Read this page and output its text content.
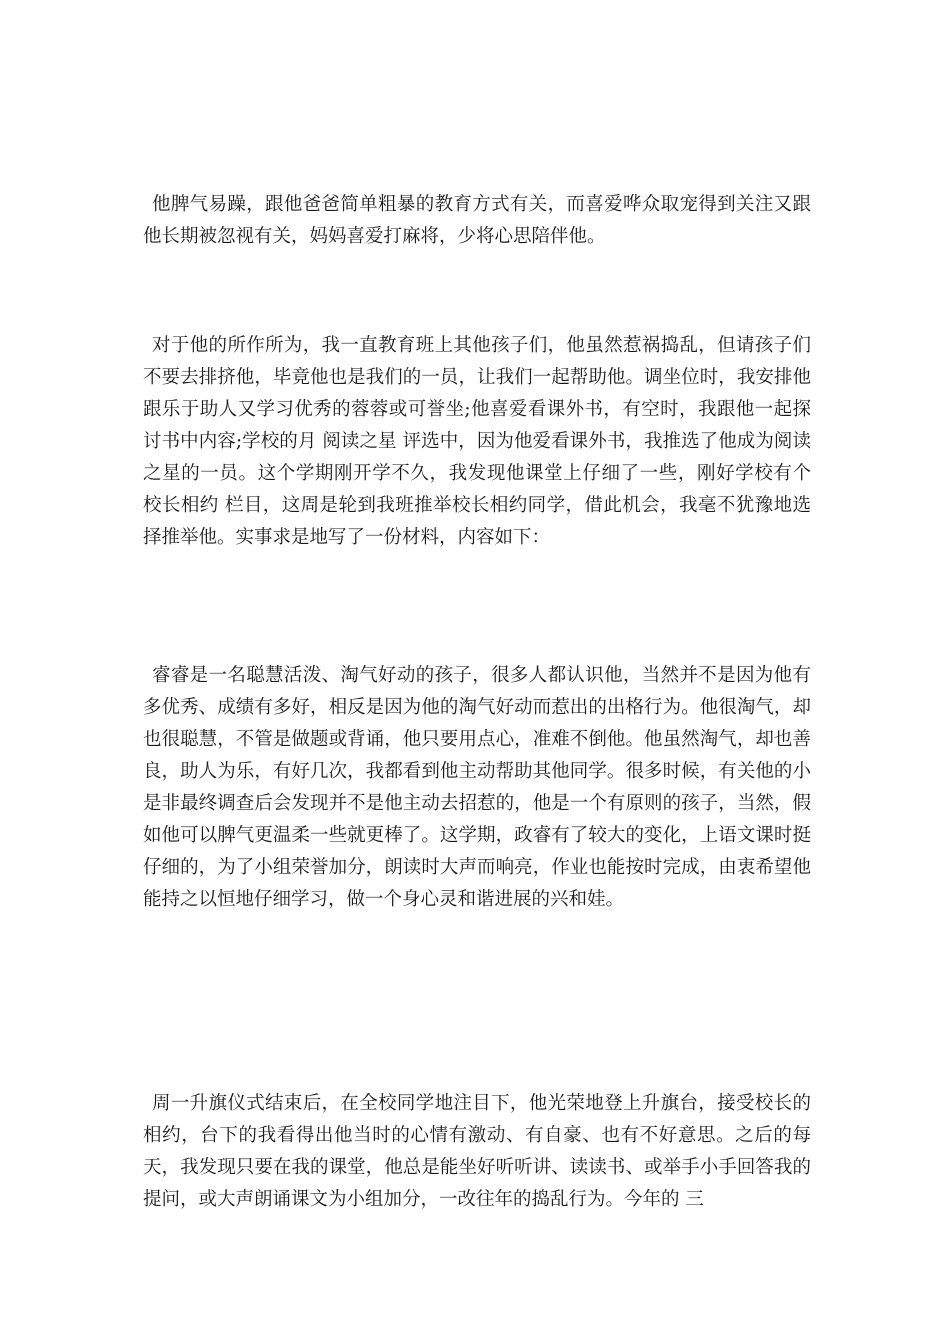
他脾气易躁，跟他爸爸简单粗暴的教育方式有关，而喜爱哗众取宠得到关注又跟他长期被忽视有关，妈妈喜爱打麻将，少将心思陪伴他。

对于他的所作所为，我一直教育班上其他孩子们，他虽然惹祸捣乱，但请孩子们不要去排挤他，毕竟他也是我们的一员，让我们一起帮助他。调坐位时，我安排他跟乐于助人又学习优秀的蓉蓉或可誉坐;他喜爱看课外书，有空时，我跟他一起探讨书中内容;学校的月 阅读之星 评选中，因为他爱看课外书，我推选了他成为阅读之星的一员。这个学期刚开学不久，我发现他课堂上仔细了一些，刚好学校有个 校长相约 栏目，这周是轮到我班推举校长相约同学，借此机会，我毫不犹豫地选择推举他。实事求是地写了一份材料，内容如下：

睿睿是一名聪慧活泼、淘气好动的孩子，很多人都认识他，当然并不是因为他有多优秀、成绩有多好，相反是因为他的淘气好动而惹出的出格行为。他很淘气，却也很聪慧，不管是做题或背诵，他只要用点心，准难不倒他。他虽然淘气，却也善良，助人为乐，有好几次，我都看到他主动帮助其他同学。很多时候，有关他的小是非最终调查后会发现并不是他主动去招惹的，他是一个有原则的孩子，当然，假如他可以脾气更温柔一些就更棒了。这学期，政睿有了较大的变化，上语文课时挺仔细的，为了小组荣誉加分，朗读时大声而响亮，作业也能按时完成，由衷希望他能持之以恒地仔细学习，做一个身心灵和谐进展的兴和娃。

周一升旗仪式结束后，在全校同学地注目下，他光荣地登上升旗台，接受校长的相约，台下的我看得出他当时的心情有激动、有自豪、也有不好意思。之后的每天，我发现只要在我的课堂，他总是能坐好听听讲、读读书、或举手小手回答我的提问，或大声朗诵课文为小组加分，一改往年的捣乱行为。今年的 三
